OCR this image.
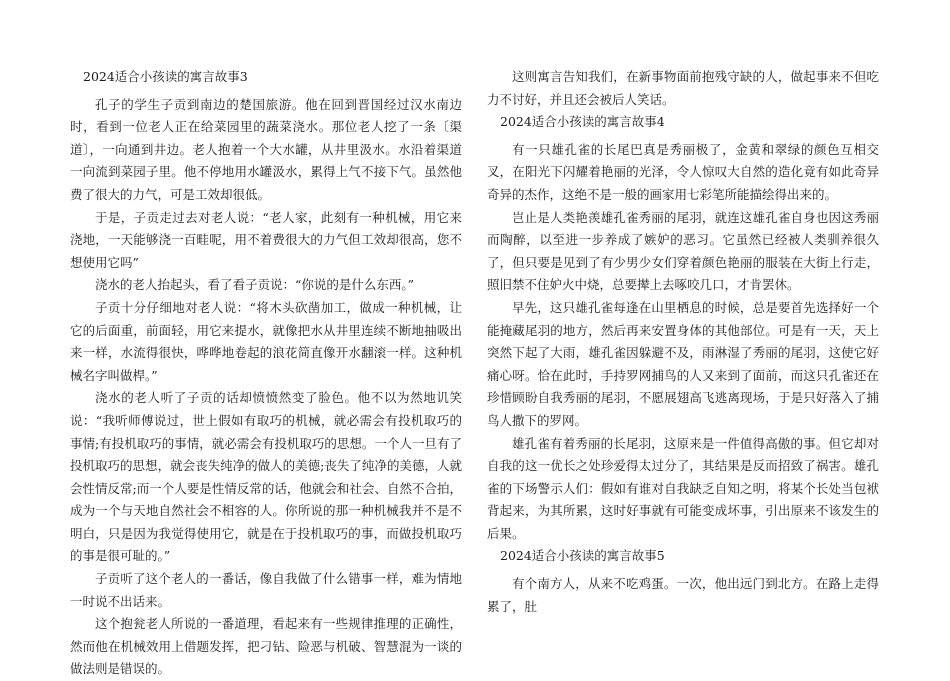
2024适合小孩读的寓言故事3

孔子的学生子贡到南边的楚国旅游。他在回到晋国经过汉水南边时，看到一位老人正在给菜园里的蔬菜浇水。那位老人挖了一条〔渠道〕，一向通到井边。老人抱着一个大水罐，从井里汲水。水沿着渠道一向流到菜园子里。他不停地用水罐汲水，累得上气不接下气。虽然他费了很大的力气，可是工效却很低。

于是，子贡走过去对老人说：“老人家，此刻有一种机械，用它来浇地，一天能够浇一百畦呢，用不着费很大的力气但工效却很高，您不想使用它吗”

浇水的老人抬起头，看了看子贡说：“你说的是什么东西。”

子贡十分仔细地对老人说：“将木头砍凿加工，做成一种机械，让它的后面重，前面轻，用它来提水，就像把水从井里连续不断地抽吸出来一样，水流得很快，哗哗地卷起的浪花简直像开水翻滚一样。这种机械名字叫做桿。”

浇水的老人听了子贡的话却愤愤然变了脸色。他不以为然地讥笑说：“我听师傅说过，世上假如有取巧的机械，就必需会有投机取巧的事情;有投机取巧的事情，就必需会有投机取巧的思想。一个人一旦有了投机取巧的思想，就会丧失纯净的做人的美德;丧失了纯净的美德，人就会性情反常;而一个人要是性情反常的话，他就会和社会、自然不合拍，成为一个与天地自然社会不相容的人。你所说的那一种机械我并不是不明白，只是因为我觉得使用它，就是在于投机取巧的事，而做投机取巧的事是很可耻的。”

子贡听了这个老人的一番话，像自我做了什么错事一样，难为情地一时说不出话来。

这个抱瓮老人所说的一番道理，看起来有一些规律推理的正确性，然而他在机械效用上借题发挥，把刁钻、险恶与机破、智慧混为一谈的做法则是错误的。

这则寓言告知我们，在新事物面前抱残守缺的人，做起事来不但吃力不讨好，并且还会被后人笑话。

2024适合小孩读的寓言故事4

有一只雄孔雀的长尾巴真是秀丽极了，金黄和翠绿的颜色互相交叉，在阳光下闪耀着艳丽的光泽，令人惊叹大自然的造化竟有如此奇异奇异的杰作，这绝不是一般的画家用七彩笔所能描绘得出来的。

岂止是人类艳羡雄孔雀秀丽的尾羽，就连这雄孔雀自身也因这秀丽而陶醉，以至进一步养成了嫉妒的恶习。它虽然已经被人类驯养很久了，但只要是见到了有少男少女们穿着颜色艳丽的服装在大街上行走，照旧禁不住妒火中烧，总要撵上去啄咬几口，才肯罢休。

早先，这只雄孔雀每逢在山里栖息的时候，总是要首先选择好一个能掩藏尾羽的地方，然后再来安置身体的其他部位。可是有一天，天上突然下起了大雨，雄孔雀因躲避不及，雨淋湿了秀丽的尾羽，这使它好痛心呀。恰在此时，手持罗网捕鸟的人又来到了面前，而这只孔雀还在珍惜顾盼自我秀丽的尾羽，不愿展翅高飞逃离现场，于是只好落入了捕鸟人撒下的罗网。

雄孔雀有着秀丽的长尾羽，这原来是一件值得高傲的事。但它却对自我的这一优长之处珍爱得太过分了，其结果是反而招致了祸害。雄孔雀的下场警示人们：假如有谁对自我缺乏自知之明，将某个长处当包袱背起来，为其所累，这时好事就有可能变成坏事，引出原来不该发生的后果。

2024适合小孩读的寓言故事5

有个南方人，从来不吃鸡蛋。一次，他出远门到北方。在路上走得累了，肚
